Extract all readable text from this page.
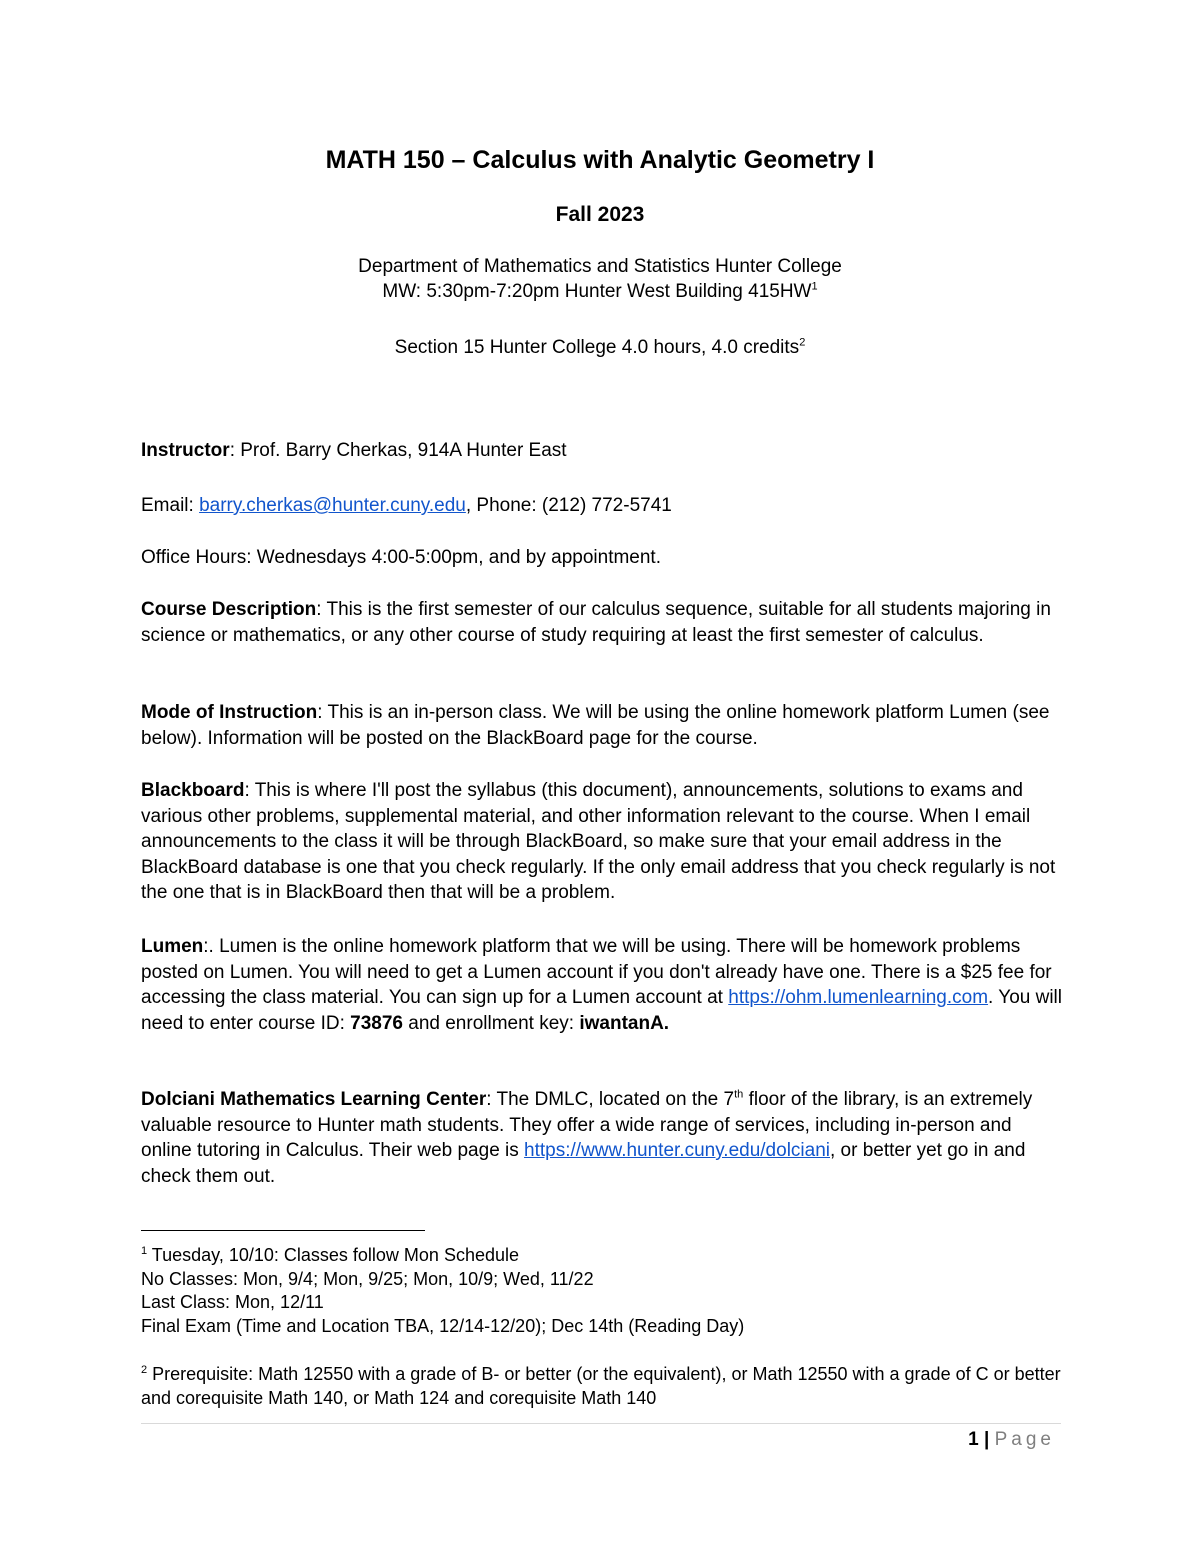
MATH 150 – Calculus with Analytic Geometry I
Fall 2023
Department of Mathematics and Statistics Hunter College
MW: 5:30pm-7:20pm Hunter West Building $415HW^1$
Section 15 Hunter College 4.0 hours, 4.0 credits$^2$
Instructor: Prof. Barry Cherkas, 914A Hunter East
Email: barry.cherkas@hunter.cuny.edu, Phone: (212) 772-5741
Office Hours: Wednesdays 4:00-5:00pm, and by appointment.
Course Description: This is the first semester of our calculus sequence, suitable for all students majoring in science or mathematics, or any other course of study requiring at least the first semester of calculus.
Mode of Instruction: This is an in-person class. We will be using the online homework platform Lumen (see below). Information will be posted on the BlackBoard page for the course.
Blackboard: This is where I'll post the syllabus (this document), announcements, solutions to exams and various other problems, supplemental material, and other information relevant to the course. When I email announcements to the class it will be through BlackBoard, so make sure that your email address in the BlackBoard database is one that you check regularly. If the only email address that you check regularly is not the one that is in BlackBoard then that will be a problem.
Lumen:. Lumen is the online homework platform that we will be using. There will be homework problems posted on Lumen. You will need to get a Lumen account if you don't already have one. There is a $25 fee for accessing the class material. You can sign up for a Lumen account at https://ohm.lumenlearning.com. You will need to enter course ID: 73876 and enrollment key: iwantanA.
Dolciani Mathematics Learning Center: The DMLC, located on the 7th floor of the library, is an extremely valuable resource to Hunter math students. They offer a wide range of services, including in-person and online tutoring in Calculus. Their web page is https://www.hunter.cuny.edu/dolciani, or better yet go in and check them out.
$^1$ Tuesday, 10/10: Classes follow Mon Schedule
No Classes: Mon, 9/4; Mon, 9/25; Mon, 10/9; Wed, 11/22
Last Class: Mon, 12/11
Final Exam (Time and Location TBA, 12/14-12/20); Dec 14th (Reading Day)
$^2$ Prerequisite: Math 12550 with a grade of B- or better (or the equivalent), or Math 12550 with a grade of C or better and corequisite Math 140, or Math 124 and corequisite Math 140
1 | Page
